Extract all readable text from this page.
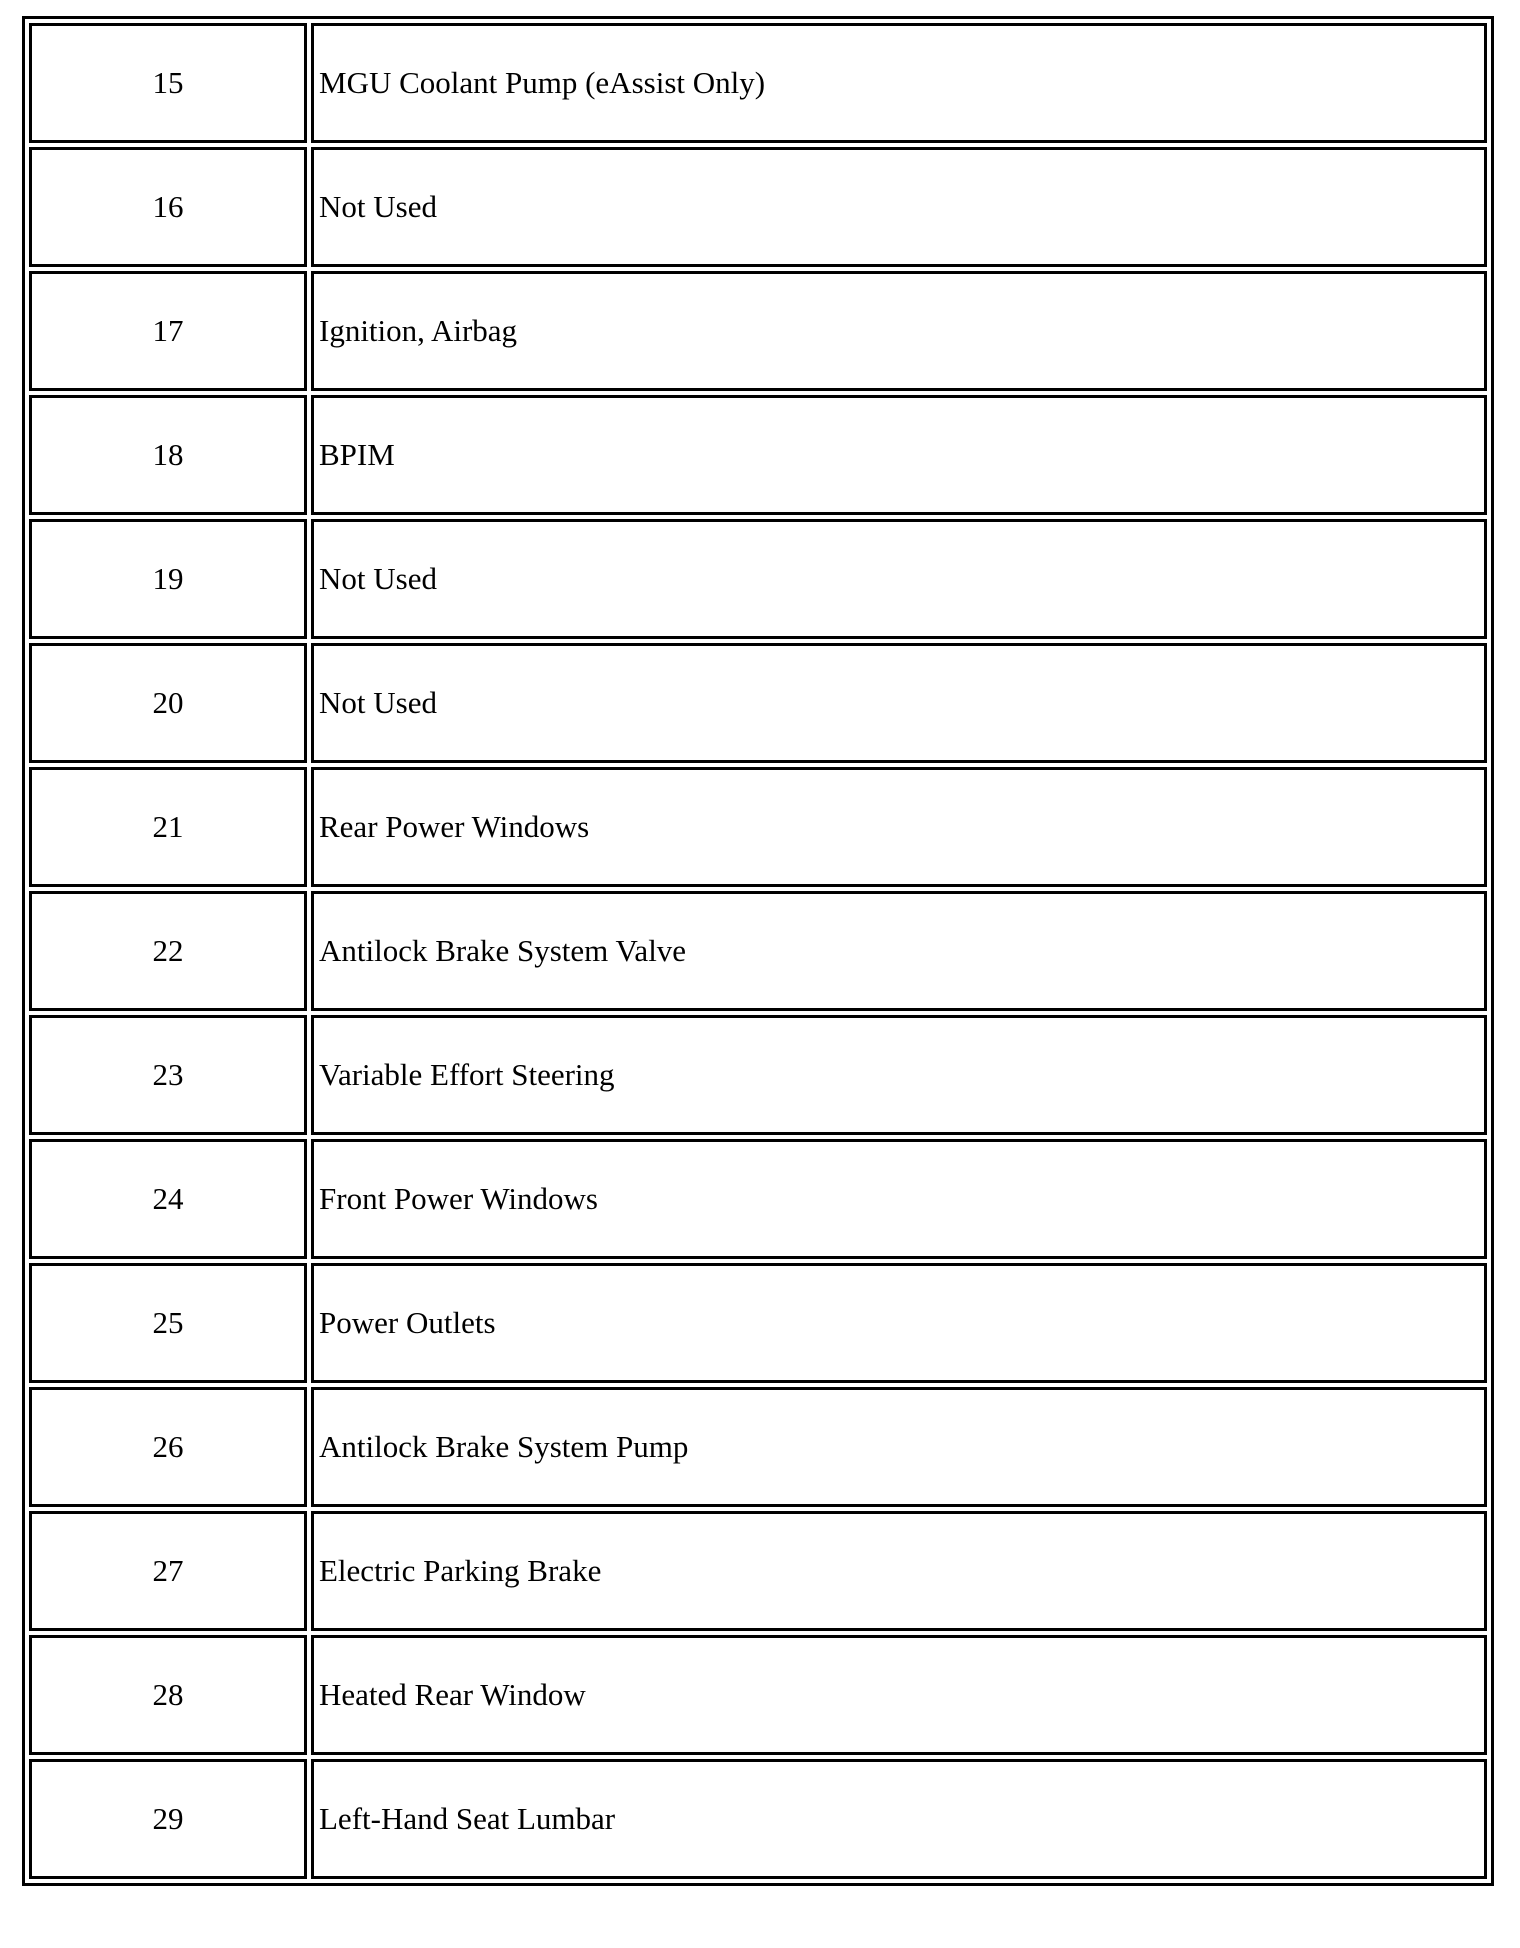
15	MGU Coolant Pump (eAssist Only)
16	Not Used
17	Ignition, Airbag
18	BPIM
19	Not Used
20	Not Used
21	Rear Power Windows
22	Antilock Brake System Valve
23	Variable Effort Steering
24	Front Power Windows
25	Power Outlets
26	Antilock Brake System Pump
27	Electric Parking Brake
28	Heated Rear Window
29	Left-Hand Seat Lumbar
